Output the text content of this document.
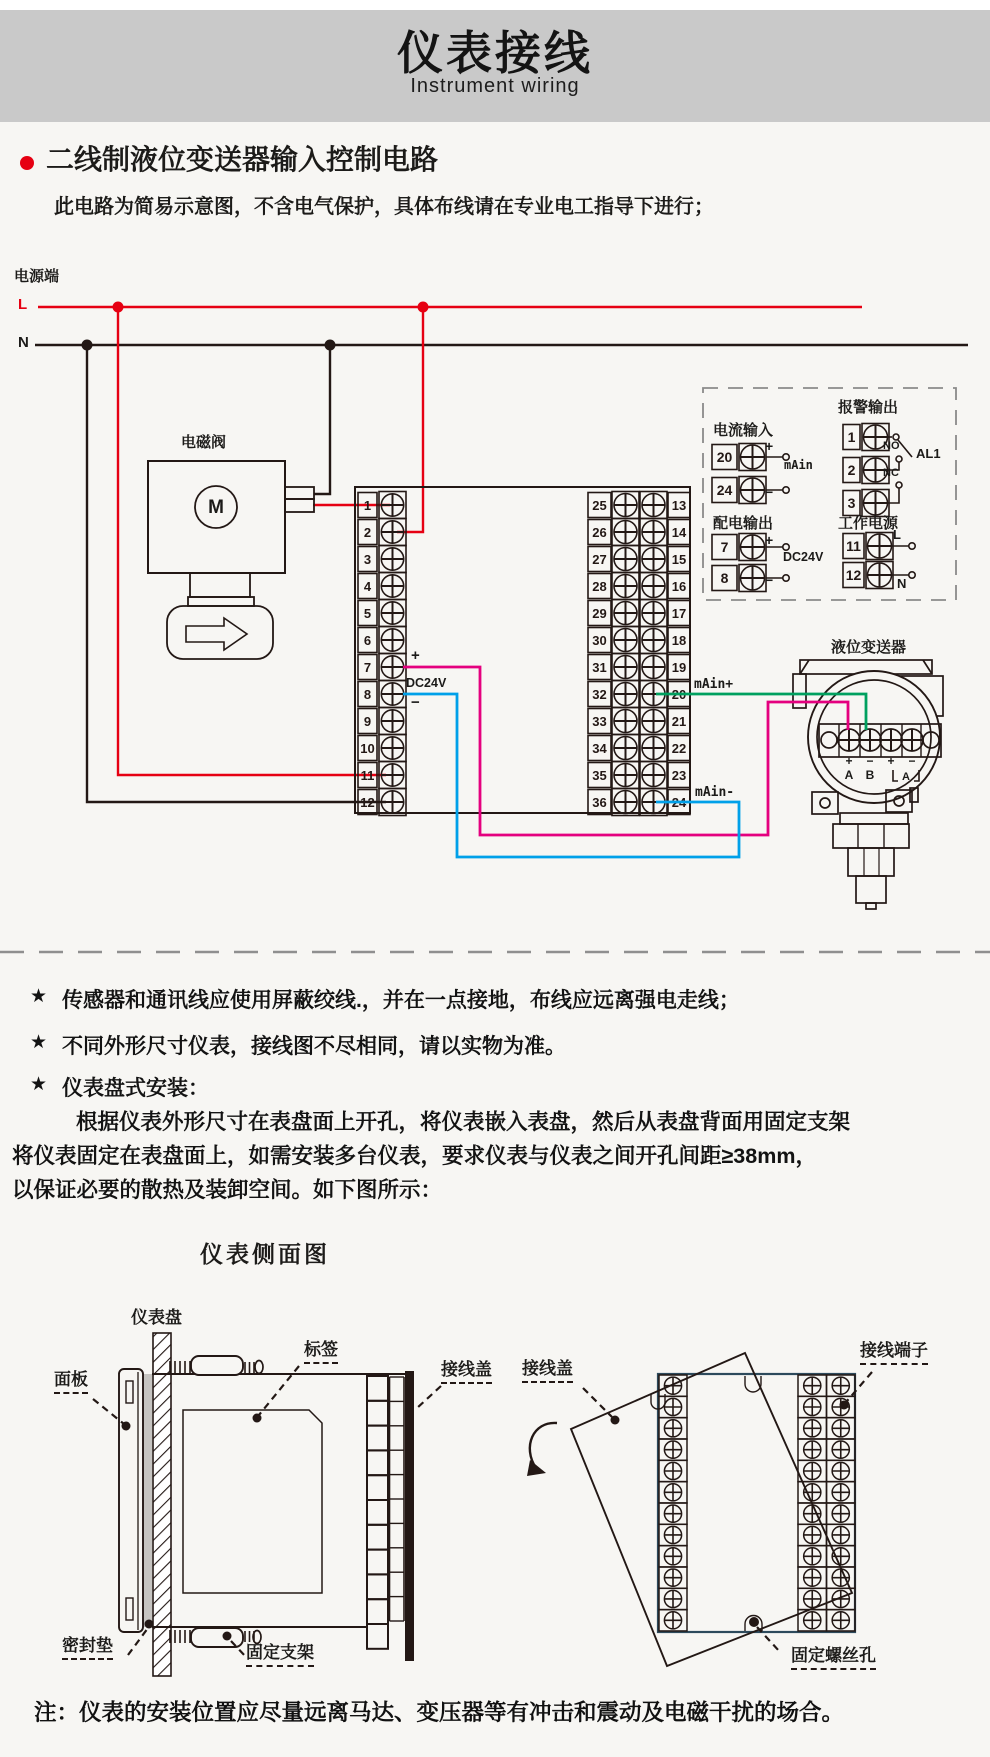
1
2
3
4
5
6
7
8
9
10
11
12
25	13
26	14
27	15
28	16
29	17
30	18
31	19
32	20
33	21
34	22
35	23
36	24
20
24
1
2
3
7
8
11
12
仪表接线
Instrument wiring
二线制液位变送器输入控制电路
此电路为简易示意图，不含电气保护，具体布线请在专业电工指导下进行；
电源端
L
N
电磁阀
M
+
DC24V
−
mAin+
mAin-
电流输入
+
mAin
−
报警输出
NO
NC
AL1
配电输出
+
DC24V
−
工作电源
L
N
液位变送器
+ − + −
A B	A
★ 传感器和通讯线应使用屏蔽绞线.，并在一点接地，布线应远离强电走线；
★ 不同外形尺寸仪表，接线图不尽相同，请以实物为准。
★ 仪表盘式安装：
根据仪表外形尺寸在表盘面上开孔，将仪表嵌入表盘，然后从表盘背面用固定支架
将仪表固定在表盘面上，如需安装多台仪表，要求仪表与仪表之间开孔间距≥38mm，
以保证必要的散热及装卸空间。如下图所示：
仪表侧面图
仪表盘
面板
标签
接线盖
密封垫	固定支架
接线盖
接线端子
固定螺丝孔
注：仪表的安装位置应尽量远离马达、变压器等有冲击和震动及电磁干扰的场合。
